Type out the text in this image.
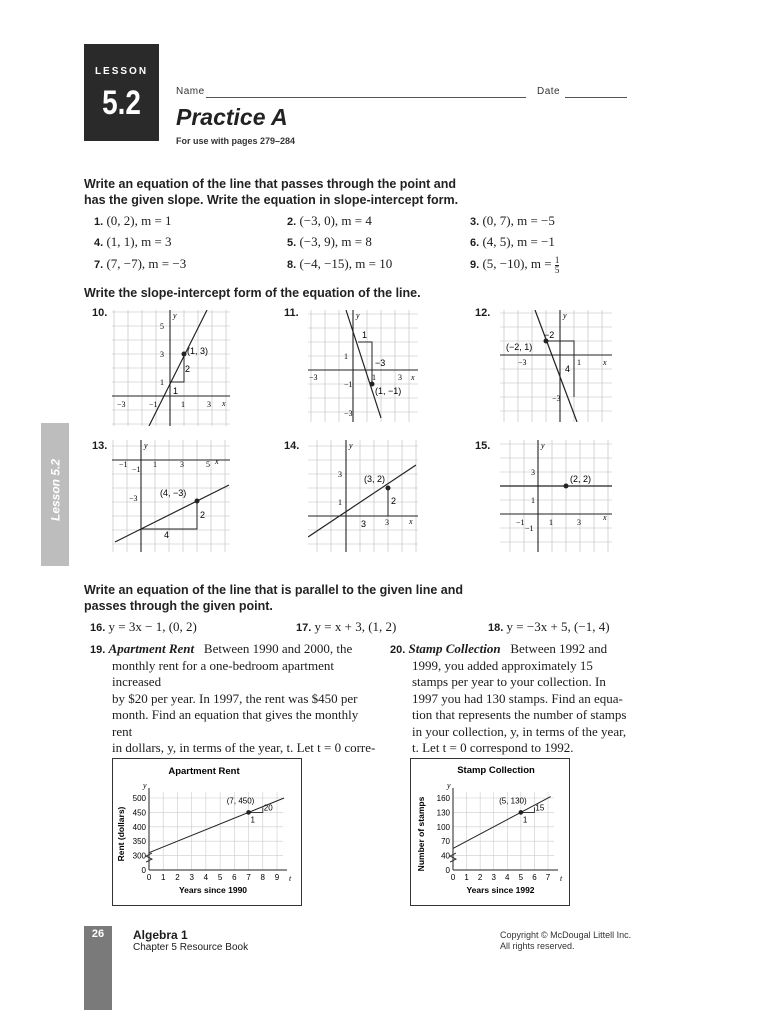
LESSON
5.2	Name	Date
Practice A
For use with pages 279–284
Lesson 5.2
Write an equation of the line that passes through the point and
has the given slope. Write the equation in slope-intercept form.
1. (0, 2), m = 1	2. (−3, 0), m = 4	3. (0, 7), m = −5
4. (1, 1), m = 3	5. (−3, 9), m = 8	6. (4, 5), m = −1
7. (7, −7), m = −3	8. (−4, −15), m = 10	9. (5, −10), $m = \frac{1}{5}$
Write the slope-intercept form of the equation of the line.
10.	11.	12.
13.	14.	15.
y
x
5
3
1
−3	−1	1	3
(1, 3)
2
1
y
x
1
−1
−3
−3	3
1
1
−3
(1, −1)
y
x
−3	1
−3
−2
(−2, 1)
4
y
x
−1	1	3	5
−1
−3
(4, −3)
2
4
y
x
3
1
3
(3, 2)
2
3
y
x
3
1
−1	1	3
−1
(2, 2)
Write an equation of the line that is parallel to the given line and
passes through the given point.
16. y = 3x − 1, (0, 2)	17. y = x + 3, (1, 2)	18. y = −3x + 5, (−1, 4)
19. Apartment Rent Between 1990 and 2000, the
monthly rent for a one-bedroom apartment increased
by $20 per year. In 1997, the rent was $450 per
month. Find an equation that gives the monthly rent
in dollars, y, in terms of the year, t. Let t = 0 corre-
20. Stamp Collection Between 1992 and
1999, you added approximately 15
stamps per year to your collection. In
1997 you had 130 stamps. Find an equa-
tion that represents the number of stamps
in your collection, y, in terms of the year,
t. Let t = 0 correspond to 1992.
Apartment Rent
t
y
0 1 2 3 4 5 6 7 8 9
0
300
350
400
450
500
Years since 1990
Rent (dollars)
(7, 450)
20
1
Stamp Collection
t
y
0 1 2 3 4 5 6 7
0
40
70
100
130
160
Years since 1992
Number of stamps	(5, 130)
15
1
26	Algebra 1
Chapter 5 Resource Book
Copyright © McDougal Littell Inc.
All rights reserved.
